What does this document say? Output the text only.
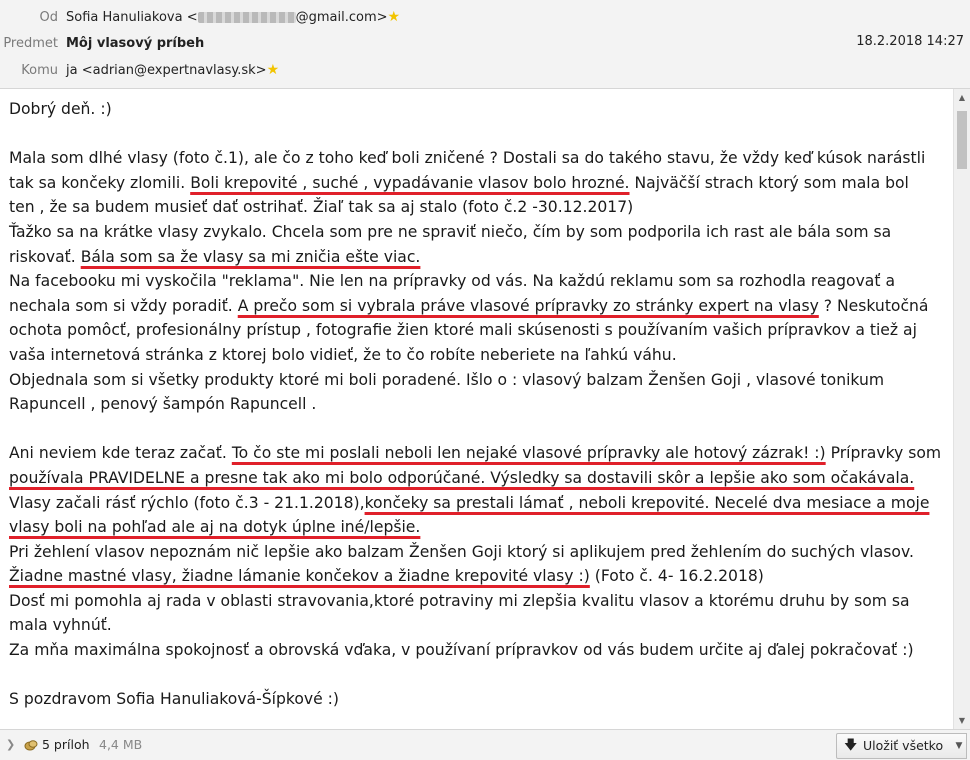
Od Sofia Hanuliakova <	@gmail.com>★
Predmet Môj vlasový príbeh	18.2.2018 14:27
Komu ja <adrian@expertnavlasy.sk>★

Dobrý deň. :)

Mala som dlhé vlasy (foto č.1), ale čo z toho keď boli zničené ? Dostali sa do takého stavu, že vždy keď kúsok narástli

tak sa končeky zlomili. Boli krepovité , suché , vypadávanie vlasov bolo hrozné. Najväčší strach ktorý som mala bol

ten , že sa budem musieť dať ostrihať. Žiaľ tak sa aj stalo (foto č.2 -30.12.2017)

Ťažko sa na krátke vlasy zvykalo. Chcela som pre ne spraviť niečo, čím by som podporila ich rast ale bála som sa

riskovať. Bála som sa že vlasy sa mi zničia ešte viac.

Na facebooku mi vyskočila "reklama". Nie len na prípravky od vás. Na každú reklamu som sa rozhodla reagovať a

nechala som si vždy poradiť. A prečo som si vybrala práve vlasové prípravky zo stránky expert na vlasy ? Neskutočná

ochota pomôcť, profesionálny prístup , fotografie žien ktoré mali skúsenosti s používaním vašich prípravkov a tiež aj

vaša internetová stránka z ktorej bolo vidieť, že to čo robíte neberiete na ľahkú váhu.

Objednala som si všetky produkty ktoré mi boli poradené. Išlo o : vlasový balzam Ženšen Goji , vlasové tonikum

Rapuncell , penový šampón Rapuncell .

Ani neviem kde teraz začať. To čo ste mi poslali neboli len nejaké vlasové prípravky ale hotový zázrak! :) Prípravky som

používala PRAVIDELNE a presne tak ako mi bolo odporúčané. Výsledky sa dostavili skôr a lepšie ako som očakávala.

Vlasy začali rásť rýchlo (foto č.3 - 21.1.2018),končeky sa prestali lámať , neboli krepovité. Necelé dva mesiace a moje

vlasy boli na pohľad ale aj na dotyk úplne iné/lepšie.

Pri žehlení vlasov nepoznám nič lepšie ako balzam Ženšen Goji ktorý si aplikujem pred žehlením do suchých vlasov.

Žiadne mastné vlasy, žiadne lámanie končekov a žiadne krepovité vlasy :) (Foto č. 4- 16.2.2018)

Dosť mi pomohla aj rada v oblasti stravovania,ktoré potraviny mi zlepšia kvalitu vlasov a ktorému druhu by som sa

mala vyhnúť.

Za mňa maximálna spokojnosť a obrovská vďaka, v používaní prípravkov od vás budem určite aj ďalej pokračovať :)

S pozdravom Sofia Hanuliaková-Šípkové :)

▲
▼
❯ 5 príloh 4,4 MB	🡇 Uložiť všetko	▼
